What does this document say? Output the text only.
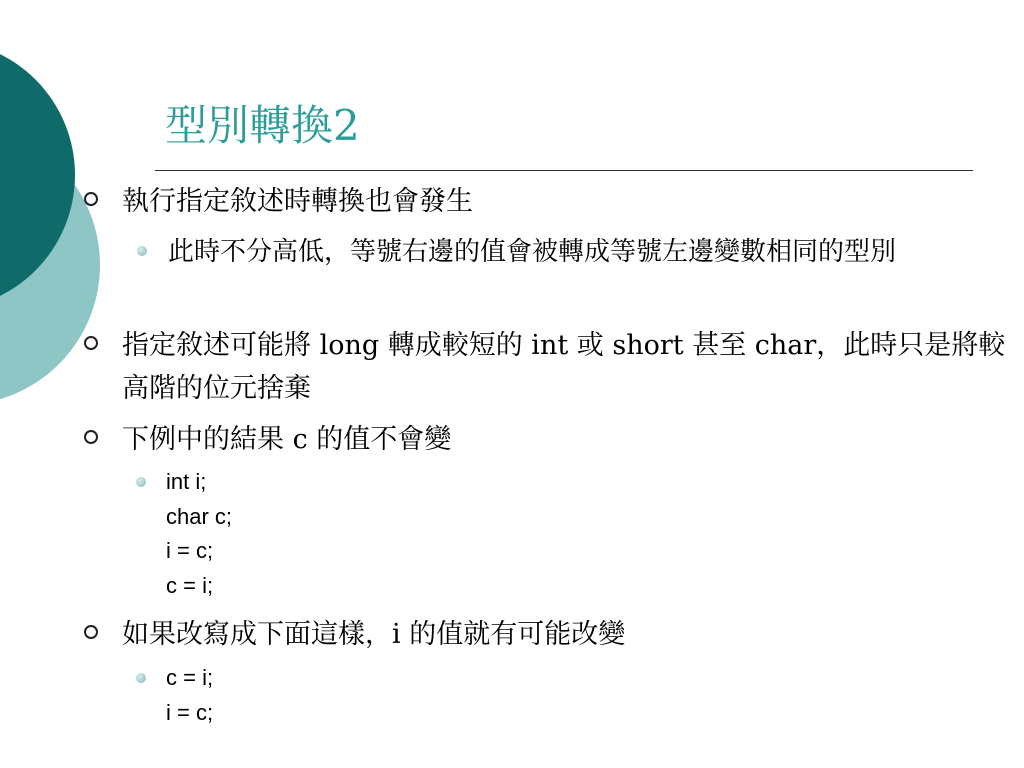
型別轉換2
執行指定敘述時轉換也會發生
此時不分高低，等號右邊的值會被轉成等號左邊變數相同的型別
指定敘述可能將 long 轉成較短的 int 或 short 甚至 char，此時只是將較高階的位元捨棄
下例中的結果 c 的值不會變
int i;
char c;
i = c;
c = i;
如果改寫成下面這樣，i 的值就有可能改變
c = i;
i = c;
